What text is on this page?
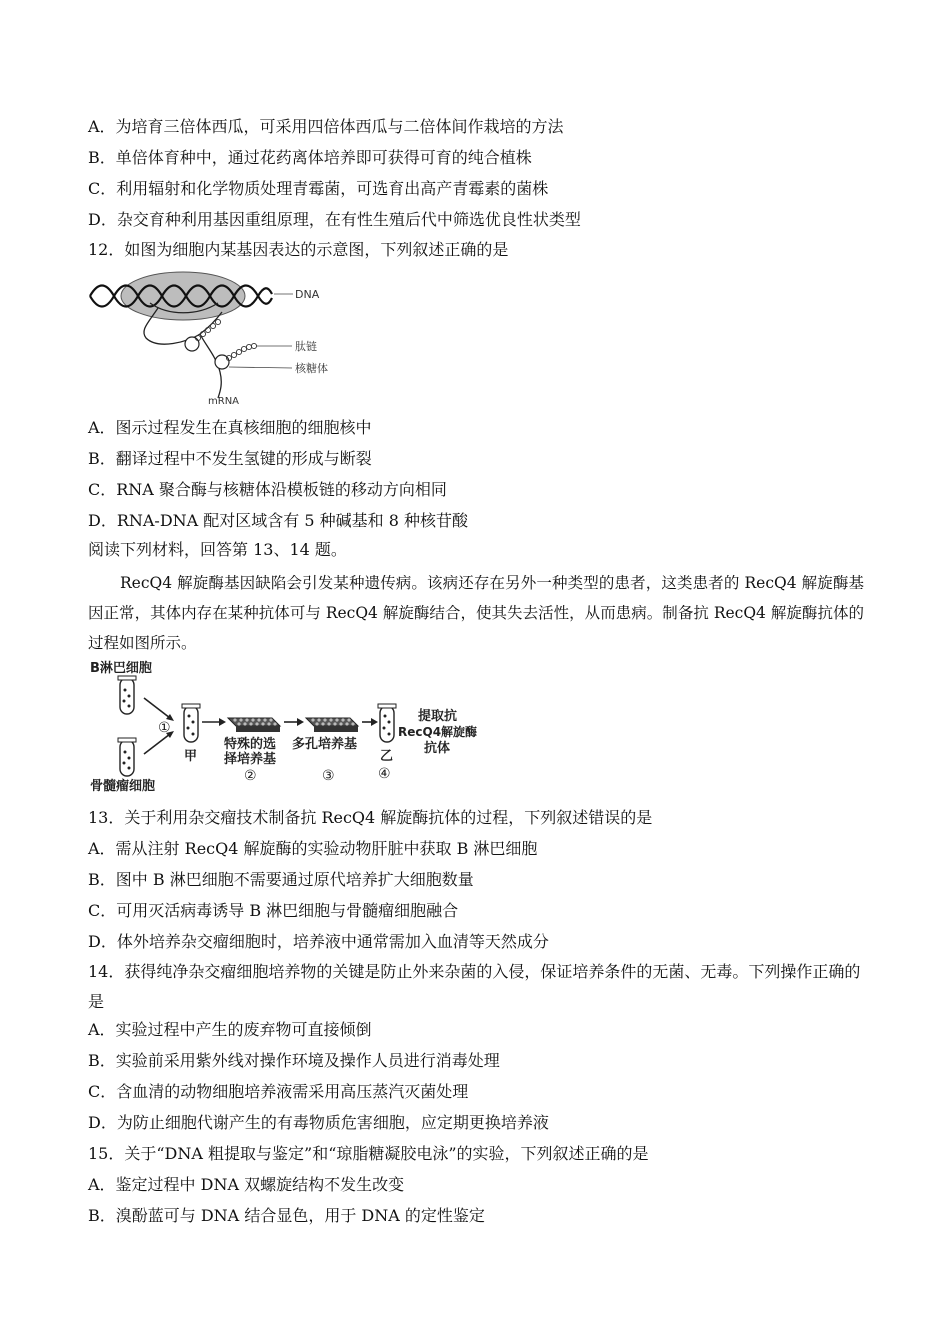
A．为培育三倍体西瓜，可采用四倍体西瓜与二倍体间作栽培的方法
B．单倍体育种中，通过花药离体培养即可获得可育的纯合植株
C．利用辐射和化学物质处理青霉菌，可选育出高产青霉素的菌株
D．杂交育种利用基因重组原理，在有性生殖后代中筛选优良性状类型
12．如图为细胞内某基因表达的示意图，下列叙述正确的是
DNA
肽链
核糖体
mRNA
A．图示过程发生在真核细胞的细胞核中
B．翻译过程中不发生氢键的形成与断裂
C．RNA 聚合酶与核糖体沿模板链的移动方向相同
D．RNA-DNA 配对区域含有 5 种碱基和 8 种核苷酸
阅读下列材料，回答第 13、14 题。
RecQ4 解旋酶基因缺陷会引发某种遗传病。该病还存在另外一种类型的患者，这类患者的 RecQ4 解旋酶基因正常，其体内存在某种抗体可与 RecQ4 解旋酶结合，使其失去活性，从而患病。制备抗 RecQ4 解旋酶抗体的过程如图所示。
B淋巴细胞
骨髓瘤细胞
①
甲
特殊的选
择培养基
②
多孔培养基
③
乙
④
提取抗
RecQ4解旋酶
抗体
13．关于利用杂交瘤技术制备抗 RecQ4 解旋酶抗体的过程，下列叙述错误的是
A．需从注射 RecQ4 解旋酶的实验动物肝脏中获取 B 淋巴细胞
B．图中 B 淋巴细胞不需要通过原代培养扩大细胞数量
C．可用灭活病毒诱导 B 淋巴细胞与骨髓瘤细胞融合
D．体外培养杂交瘤细胞时，培养液中通常需加入血清等天然成分
14．获得纯净杂交瘤细胞培养物的关键是防止外来杂菌的入侵，保证培养条件的无菌、无毒。下列操作正确的是
A．实验过程中产生的废弃物可直接倾倒
B．实验前采用紫外线对操作环境及操作人员进行消毒处理
C．含血清的动物细胞培养液需采用高压蒸汽灭菌处理
D．为防止细胞代谢产生的有毒物质危害细胞，应定期更换培养液
15．关于“DNA 粗提取与鉴定”和“琼脂糖凝胶电泳”的实验，下列叙述正确的是
A．鉴定过程中 DNA 双螺旋结构不发生改变
B．溴酚蓝可与 DNA 结合显色，用于 DNA 的定性鉴定
